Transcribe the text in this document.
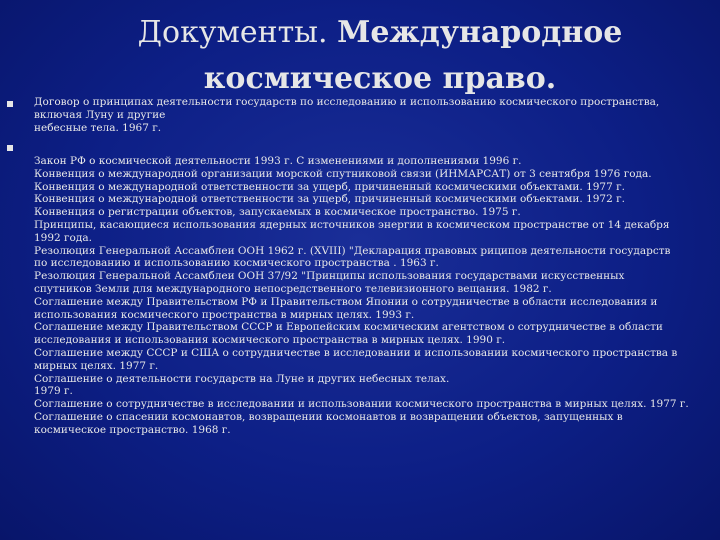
Документы. Международное космическое право.
Договор о принципах деятельности государств по исследованию и использованию космического пространства,
включая Луну и другие
небесные тела. 1967 г.
Закон РФ о космической деятельности 1993 г. С изменениями и дополнениями 1996 г.
Конвенция о международной организации морской спутниковой связи (ИНМАРСАТ) от 3 сентября 1976 года.
Конвенция о международной ответственности за ущерб, причиненный космическими объектами. 1977 г.
Конвенция о международной ответственности за ущерб, причиненный космическими объектами. 1972 г.
Конвенция о регистрации объектов, запускаемых в космическое пространство. 1975 г.
Принципы, касающиеся использования ядерных источников энергии в космическом пространстве от 14 декабря
1992 года.
Резолюция Генеральной Ассамблеи ООН 1962 г. (XVIII) "Декларация правовых риципов деятельности государств
по исследованию и использованию космического пространства . 1963 г.
Резолюция Генеральной Ассамблеи ООН 37/92 "Принципы использования государствами искусственных
спутников Земли для международного непосредственного телевизионного вещания. 1982 г.
Соглашение между Правительством РФ и Правительством Японии о сотрудничестве в области исследования и
использования космического пространства в мирных целях. 1993 г.
Соглашение между Правительством СССР и Европейским космическим агентством о сотрудничестве в области
исследования и использования космического пространства в мирных целях. 1990 г.
Соглашение между СССР и США о сотрудничестве в исследовании и использовании космического пространства в
мирных целях. 1977 г.
Соглашение о деятельности государств на Луне и других небесных телах.
1979 г.
Соглашение о сотрудничестве в исследовании и использовании космического пространства в мирных целях. 1977 г.
Соглашение о спасении космонавтов, возвращении космонавтов и возвращении объектов, запущенных в
космическое пространство. 1968 г.
